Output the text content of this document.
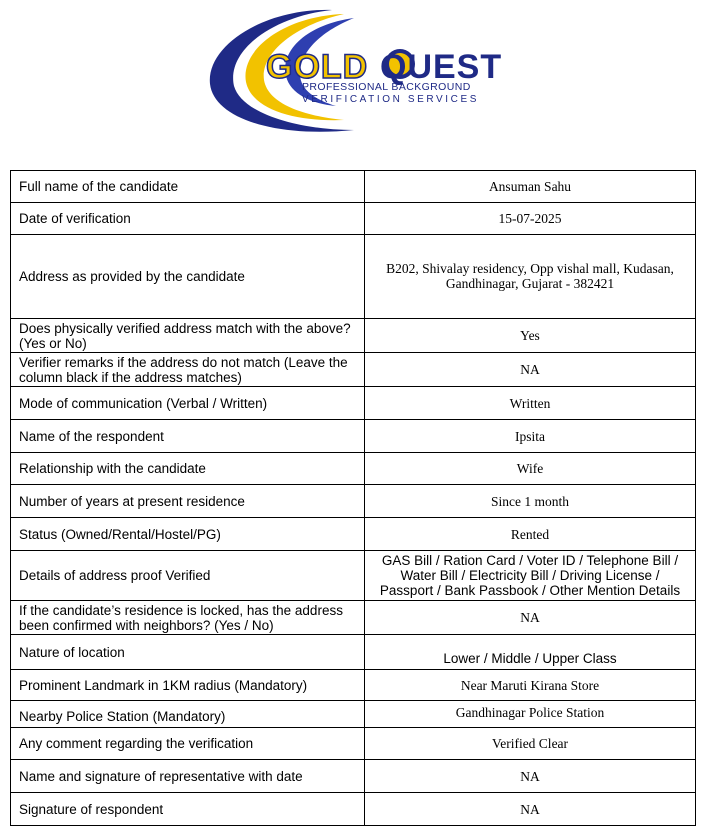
GOLD QUEST
PROFESSIONAL BACKGROUND
VERIFICATION SERVICES
Full name of the candidate	Ansuman Sahu
Date of verification	15-07-2025
Address as provided by the candidate	B202, Shivalay residency, Opp vishal mall, Kudasan, Gandhinagar, Gujarat - 382421
Does physically verified address match with the above? (Yes or No)	Yes
Verifier remarks if the address do not match (Leave the column black if the address matches)	NA
Mode of communication (Verbal / Written)	Written
Name of the respondent	Ipsita
Relationship with the candidate	Wife
Number of years at present residence	Since 1 month
Status (Owned/Rental/Hostel/PG)	Rented
Details of address proof Verified	GAS Bill / Ration Card / Voter ID / Telephone Bill / Water Bill / Electricity Bill / Driving License / Passport / Bank Passbook / Other Mention Details
If the candidate’s residence is locked, has the address been confirmed with neighbors? (Yes / No)	NA
Nature of location	Lower / Middle / Upper Class
Prominent Landmark in 1KM radius (Mandatory)	Near Maruti Kirana Store
Nearby Police Station (Mandatory)	Gandhinagar Police Station
Any comment regarding the verification	Verified Clear
Name and signature of representative with date	NA
Signature of respondent	NA
